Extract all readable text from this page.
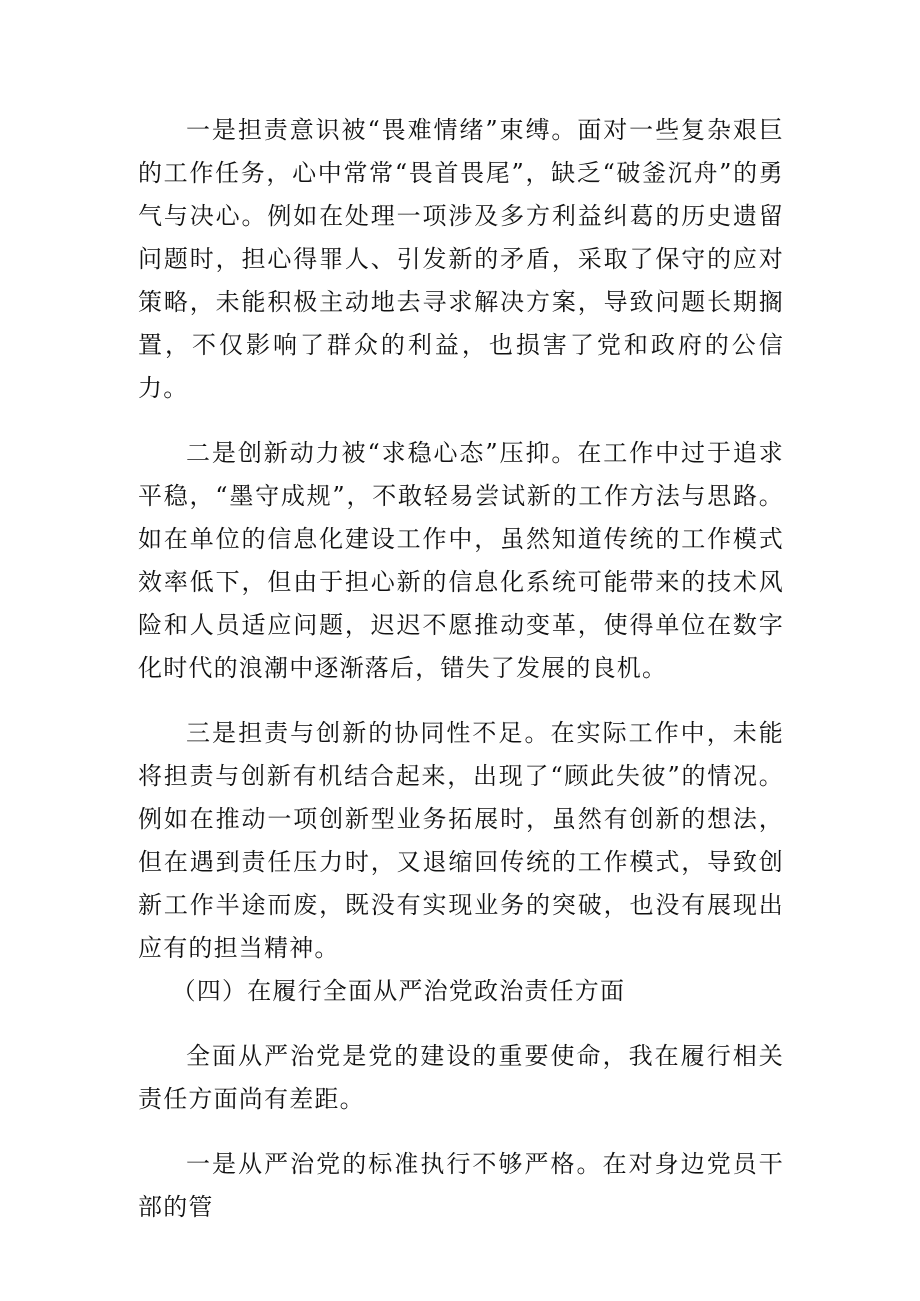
一是担责意识被“畏难情绪”束缚。面对一些复杂艰巨的工作任务，心中常常“畏首畏尾”，缺乏“破釜沉舟”的勇气与决心。例如在处理一项涉及多方利益纠葛的历史遗留问题时，担心得罪人、引发新的矛盾，采取了保守的应对策略，未能积极主动地去寻求解决方案，导致问题长期搁置，不仅影响了群众的利益，也损害了党和政府的公信力。

二是创新动力被“求稳心态”压抑。在工作中过于追求平稳，“墨守成规”，不敢轻易尝试新的工作方法与思路。如在单位的信息化建设工作中，虽然知道传统的工作模式效率低下，但由于担心新的信息化系统可能带来的技术风险和人员适应问题，迟迟不愿推动变革，使得单位在数字化时代的浪潮中逐渐落后，错失了发展的良机。

三是担责与创新的协同性不足。在实际工作中，未能将担责与创新有机结合起来，出现了“顾此失彼”的情况。例如在推动一项创新型业务拓展时，虽然有创新的想法，但在遇到责任压力时，又退缩回传统的工作模式，导致创新工作半途而废，既没有实现业务的突破，也没有展现出应有的担当精神。

（四）在履行全面从严治党政治责任方面

全面从严治党是党的建设的重要使命，我在履行相关责任方面尚有差距。

一是从严治党的标准执行不够严格。在对身边党员干部的管
